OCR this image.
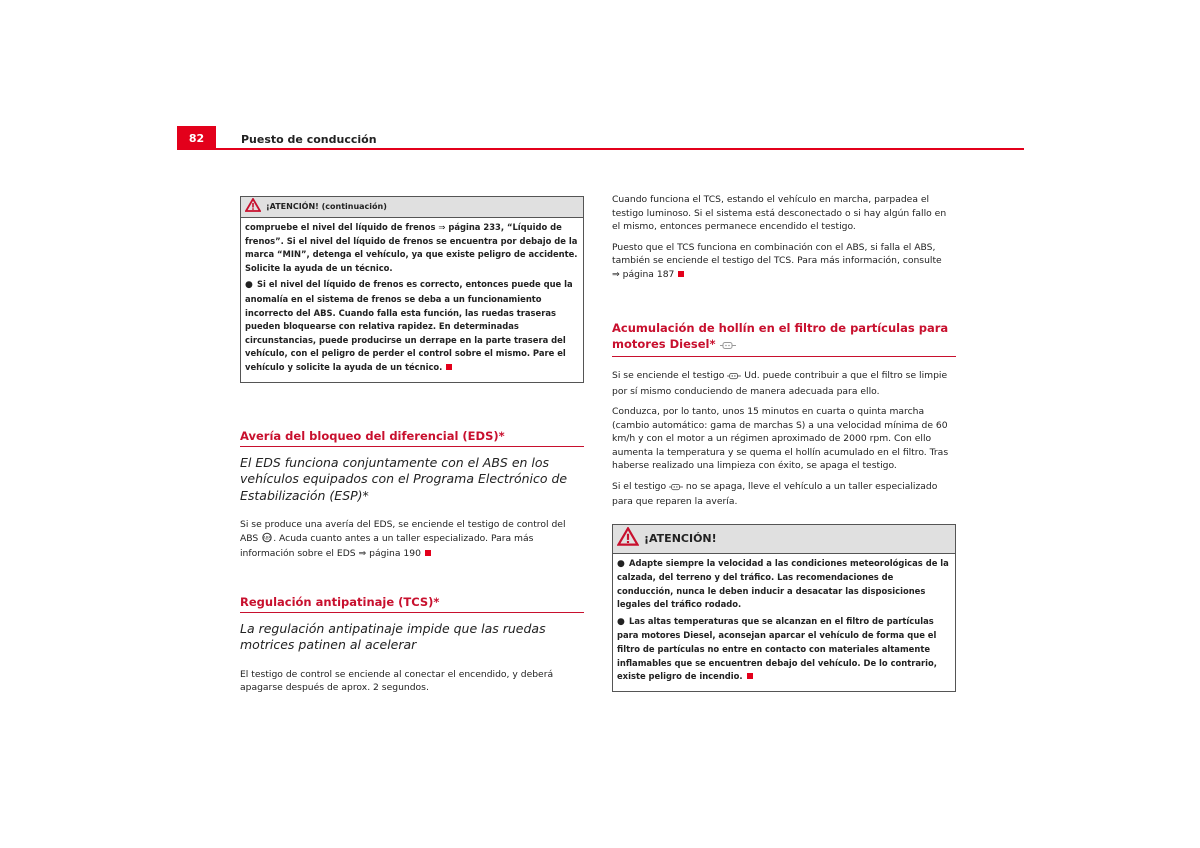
82	Puesto de conducción
¡ATENCIÓN! (continuación)

compruebe el nivel del líquido de frenos ⇒ página 233, “Líquido de frenos”. Si el nivel del líquido de frenos se encuentra por debajo de la marca “MIN”, detenga el vehículo, ya que existe peligro de accidente. Solicite la ayuda de un técnico.

● Si el nivel del líquido de frenos es correcto, entonces puede que la anomalía en el sistema de frenos se deba a un funcionamiento incorrecto del ABS. Cuando falla esta función, las ruedas traseras pueden bloquearse con relativa rapidez. En determinadas circunstancias, puede producirse un derrape en la parte trasera del vehículo, con el peligro de perder el control sobre el mismo. Pare el vehículo y solicite la ayuda de un técnico.

Avería del bloqueo del diferencial (EDS)*
El EDS funciona conjuntamente con el ABS en los vehículos equipados con el Programa Electrónico de Estabilización (ESP)*

Si se produce una avería del EDS, se enciende el testigo de control del ABS ABS . Acuda cuanto antes a un taller especializado. Para más información sobre el EDS ⇒ página 190

Regulación antipatinaje (TCS)*
La regulación antipatinaje impide que las ruedas motrices patinen al acelerar

El testigo de control se enciende al conectar el encendido, y deberá apagarse después de aprox. 2 segundos.

Cuando funciona el TCS, estando el vehículo en marcha, parpadea el testigo luminoso. Si el sistema está desconectado o si hay algún fallo en el mismo, entonces permanece encendido el testigo.

Puesto que el TCS funciona en combinación con el ABS, si falla el ABS, también se enciende el testigo del TCS. Para más información, consulte
⇒ página 187

Acumulación de hollín en el filtro de partículas para motores Diesel*

Si se enciende el testigo  Ud. puede contribuir a que el filtro se limpie por sí mismo conduciendo de manera adecuada para ello.

Conduzca, por lo tanto, unos 15 minutos en cuarta o quinta marcha (cambio automático: gama de marchas S) a una velocidad mínima de 60 km/h y con el motor a un régimen aproximado de 2000 rpm. Con ello aumenta la temperatura y se quema el hollín acumulado en el filtro. Tras haberse realizado una limpieza con éxito, se apaga el testigo.

Si el testigo  no se apaga, lleve el vehículo a un taller especializado para que reparen la avería.

¡ATENCIÓN!

● Adapte siempre la velocidad a las condiciones meteorológicas de la calzada, del terreno y del tráfico. Las recomendaciones de conducción, nunca le deben inducir a desacatar las disposiciones legales del tráfico rodado.

● Las altas temperaturas que se alcanzan en el filtro de partículas para motores Diesel, aconsejan aparcar el vehículo de forma que el filtro de partículas no entre en contacto con materiales altamente inflamables que se encuentren debajo del vehículo. De lo contrario, existe peligro de incendio.
